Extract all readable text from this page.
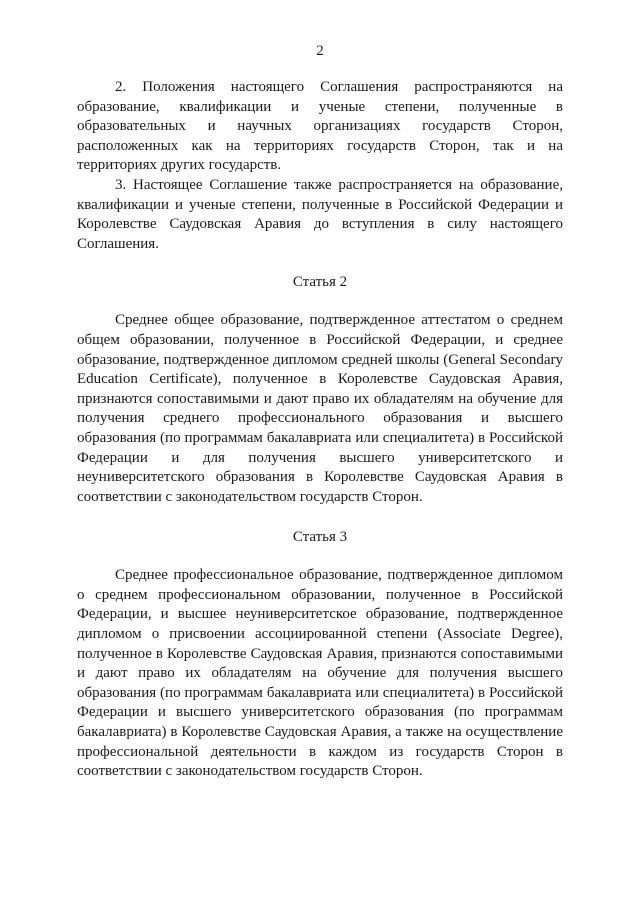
2

2. Положения настоящего Соглашения распространяются на образование, квалификации и ученые степени, полученные в образовательных и научных организациях государств Сторон, расположенных как на территориях государств Сторон, так и на территориях других государств.

3. Настоящее Соглашение также распространяется на образование, квалификации и ученые степени, полученные в Российской Федерации и Королевстве Саудовская Аравия до вступления в силу настоящего Соглашения.

Статья 2

Среднее общее образование, подтвержденное аттестатом о среднем общем образовании, полученное в Российской Федерации, и среднее образование, подтвержденное дипломом средней школы (General Secondary Education Certificate), полученное в Королевстве Саудовская Аравия, признаются сопоставимыми и дают право их обладателям на обучение для получения среднего профессионального образования и высшего образования (по программам бакалавриата или специалитета) в Российской Федерации и для получения высшего университетского и неуниверситетского образования в Королевстве Саудовская Аравия в соответствии с законодательством государств Сторон.

Статья 3

Среднее профессиональное образование, подтвержденное дипломом о среднем профессиональном образовании, полученное в Российской Федерации, и высшее неуниверситетское образование, подтвержденное дипломом о присвоении ассоциированной степени (Associate Degree), полученное в Королевстве Саудовская Аравия, признаются сопоставимыми и дают право их обладателям на обучение для получения высшего образования (по программам бакалавриата или специалитета) в Российской Федерации и высшего университетского образования (по программам бакалавриата) в Королевстве Саудовская Аравия, а также на осуществление профессиональной деятельности в каждом из государств Сторон в соответствии с законодательством государств Сторон.
